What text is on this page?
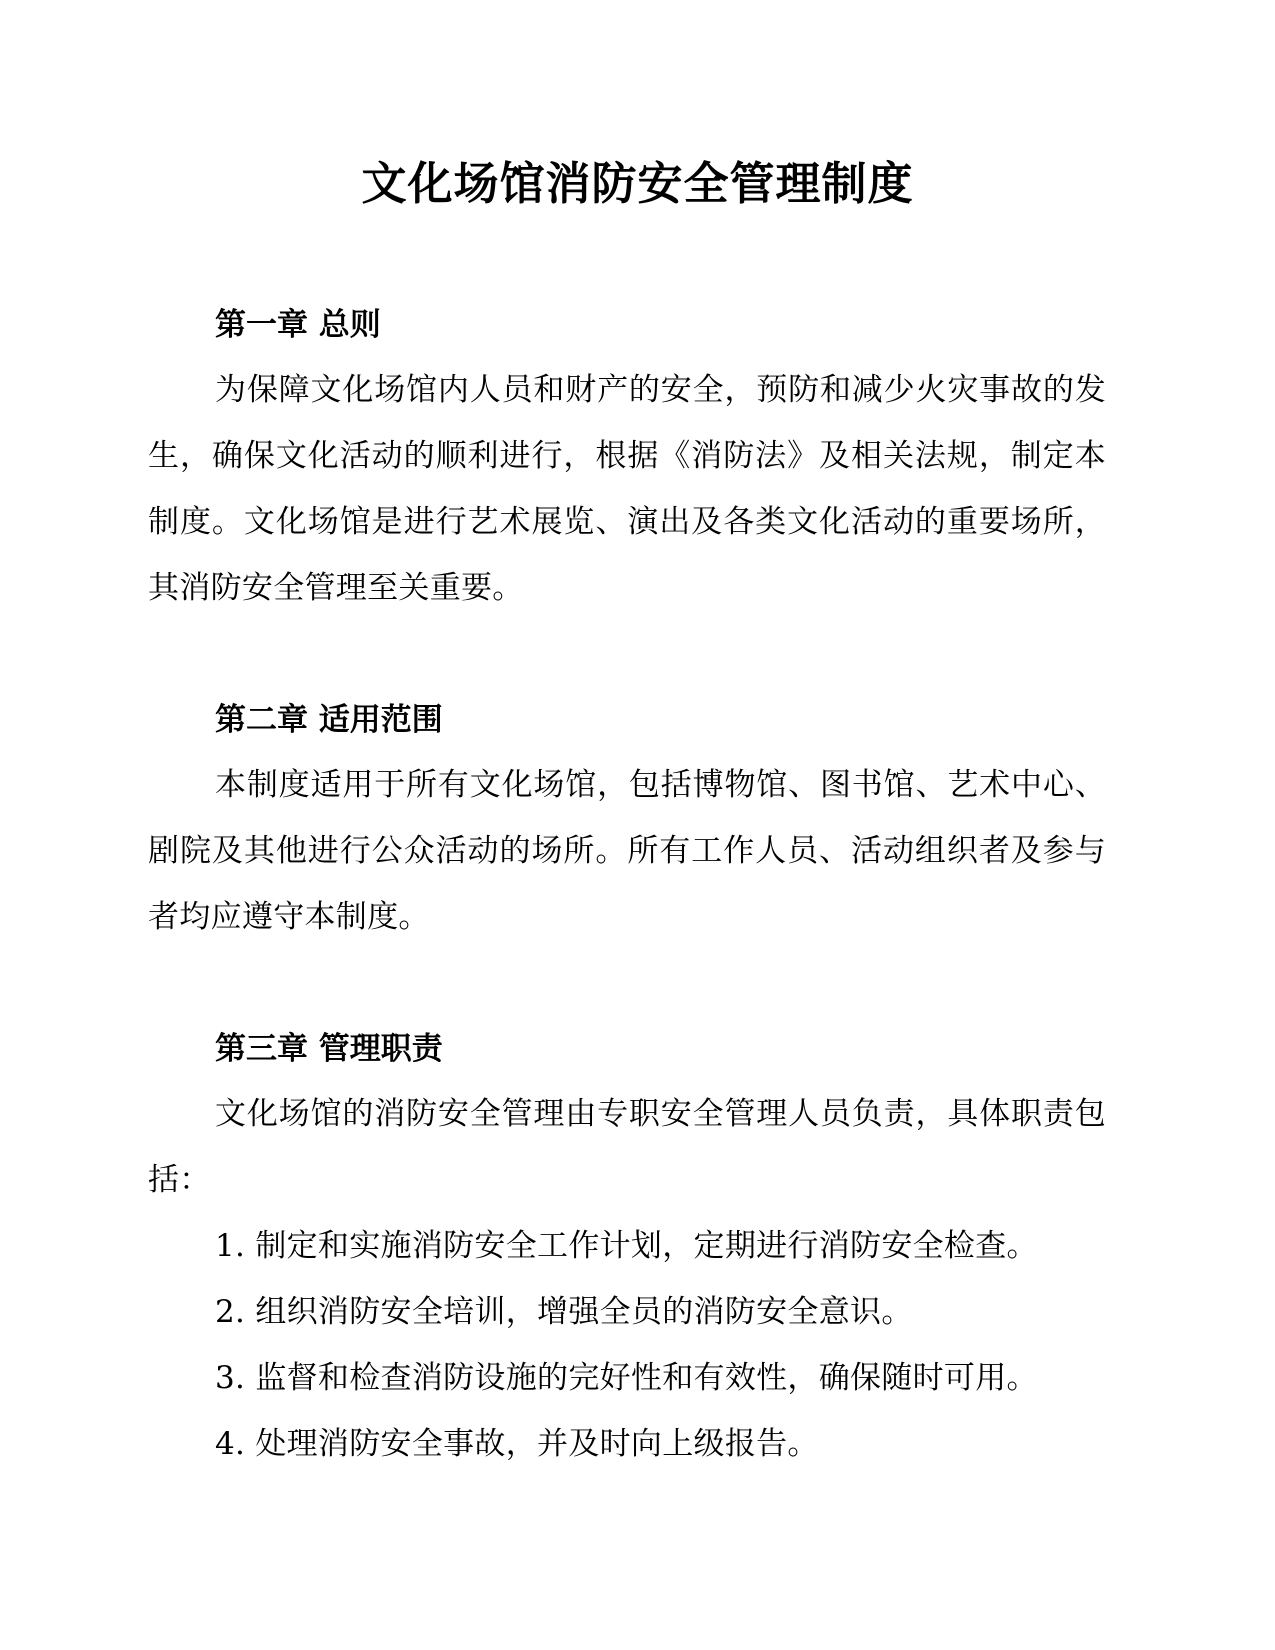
文化场馆消防安全管理制度
第一章 总则

为保障文化场馆内人员和财产的安全，预防和减少火灾事故的发生，确保文化活动的顺利进行，根据《消防法》及相关法规，制定本制度。文化场馆是进行艺术展览、演出及各类文化活动的重要场所，其消防安全管理至关重要。

第二章 适用范围

本制度适用于所有文化场馆，包括博物馆、图书馆、艺术中心、剧院及其他进行公众活动的场所。所有工作人员、活动组织者及参与者均应遵守本制度。

第三章 管理职责

文化场馆的消防安全管理由专职安全管理人员负责，具体职责包括：

1. 制定和实施消防安全工作计划，定期进行消防安全检查。
2. 组织消防安全培训，增强全员的消防安全意识。
3. 监督和检查消防设施的完好性和有效性，确保随时可用。
4. 处理消防安全事故，并及时向上级报告。
